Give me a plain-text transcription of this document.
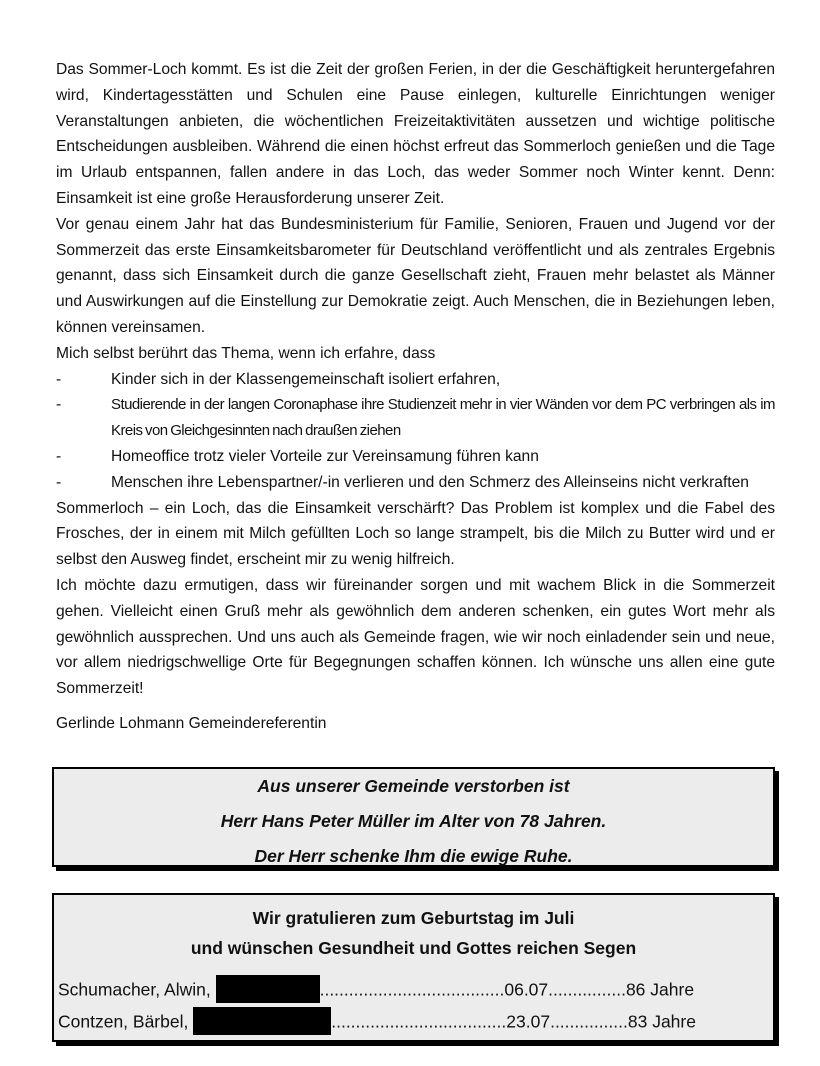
Das Sommer-Loch kommt. Es ist die Zeit der großen Ferien, in der die Geschäftigkeit heruntergefahren wird, Kindertagesstätten und Schulen eine Pause einlegen, kulturelle Einrichtungen weniger Veranstaltungen anbieten, die wöchentlichen Freizeitaktivitäten aussetzen und wichtige politische Entscheidungen ausbleiben. Während die einen höchst erfreut das Sommerloch genießen und die Tage im Urlaub entspannen, fallen andere in das Loch, das weder Sommer noch Winter kennt. Denn: Einsamkeit ist eine große Herausforderung unserer Zeit.

Vor genau einem Jahr hat das Bundesministerium für Familie, Senioren, Frauen und Jugend vor der Sommerzeit das erste Einsamkeitsbarometer für Deutschland veröffentlicht und als zentrales Ergebnis genannt, dass sich Einsamkeit durch die ganze Gesellschaft zieht, Frauen mehr belastet als Männer und Auswirkungen auf die Einstellung zur Demokratie zeigt. Auch Menschen, die in Beziehungen leben, können vereinsamen.

Mich selbst berührt das Thema, wenn ich erfahre, dass

-	Kinder sich in der Klassengemeinschaft isoliert erfahren,
-	Studierende in der langen Coronaphase ihre Studienzeit mehr in vier Wänden vor dem PC verbringen als im Kreis von Gleichgesinnten nach draußen ziehen
-	Homeoffice trotz vieler Vorteile zur Vereinsamung führen kann
-	Menschen ihre Lebenspartner/-in verlieren und den Schmerz des Alleinseins nicht verkraften

Sommerloch – ein Loch, das die Einsamkeit verschärft? Das Problem ist komplex und die Fabel des Frosches, der in einem mit Milch gefüllten Loch so lange strampelt, bis die Milch zu Butter wird und er selbst den Ausweg findet, erscheint mir zu wenig hilfreich.

Ich möchte dazu ermutigen, dass wir füreinander sorgen und mit wachem Blick in die Sommerzeit gehen. Vielleicht einen Gruß mehr als gewöhnlich dem anderen schenken, ein gutes Wort mehr als gewöhnlich aussprechen. Und uns auch als Gemeinde fragen, wie wir noch einladender sein und neue, vor allem niedrigschwellige Orte für Begegnungen schaffen können. Ich wünsche uns allen eine gute Sommerzeit!

Gerlinde Lohmann Gemeindereferentin

Aus unserer Gemeinde verstorben ist
Herr Hans Peter Müller im Alter von 78 Jahren.
Der Herr schenke Ihm die ewige Ruhe.
Wir gratulieren zum Geburtstag im Juli
und wünschen Gesundheit und Gottes reichen Segen
Schumacher, Alwin,	......................................06.07................86 Jahre
Contzen, Bärbel,	....................................23.07................83 Jahre
